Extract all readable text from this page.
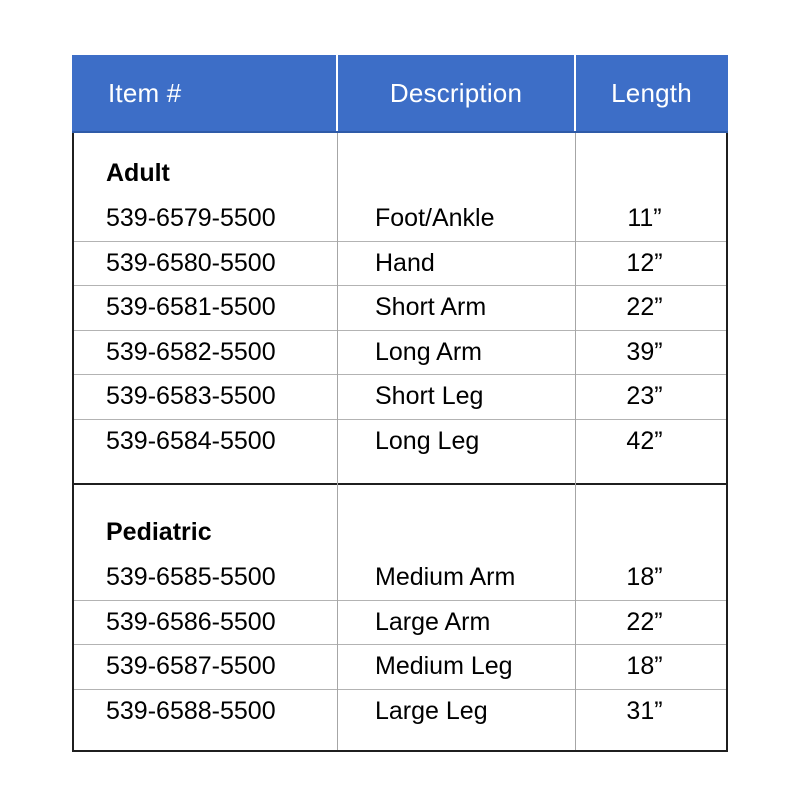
Item #	Description	Length
Adult
539-6579-5500	Foot/Ankle	11”
539-6580-5500	Hand	12”
539-6581-5500	Short Arm	22”
539-6582-5500	Long Arm	39”
539-6583-5500	Short Leg	23”
539-6584-5500	Long Leg	42”
Pediatric
539-6585-5500	Medium Arm	18”
539-6586-5500	Large Arm	22”
539-6587-5500	Medium Leg	18”
539-6588-5500	Large Leg	31”
